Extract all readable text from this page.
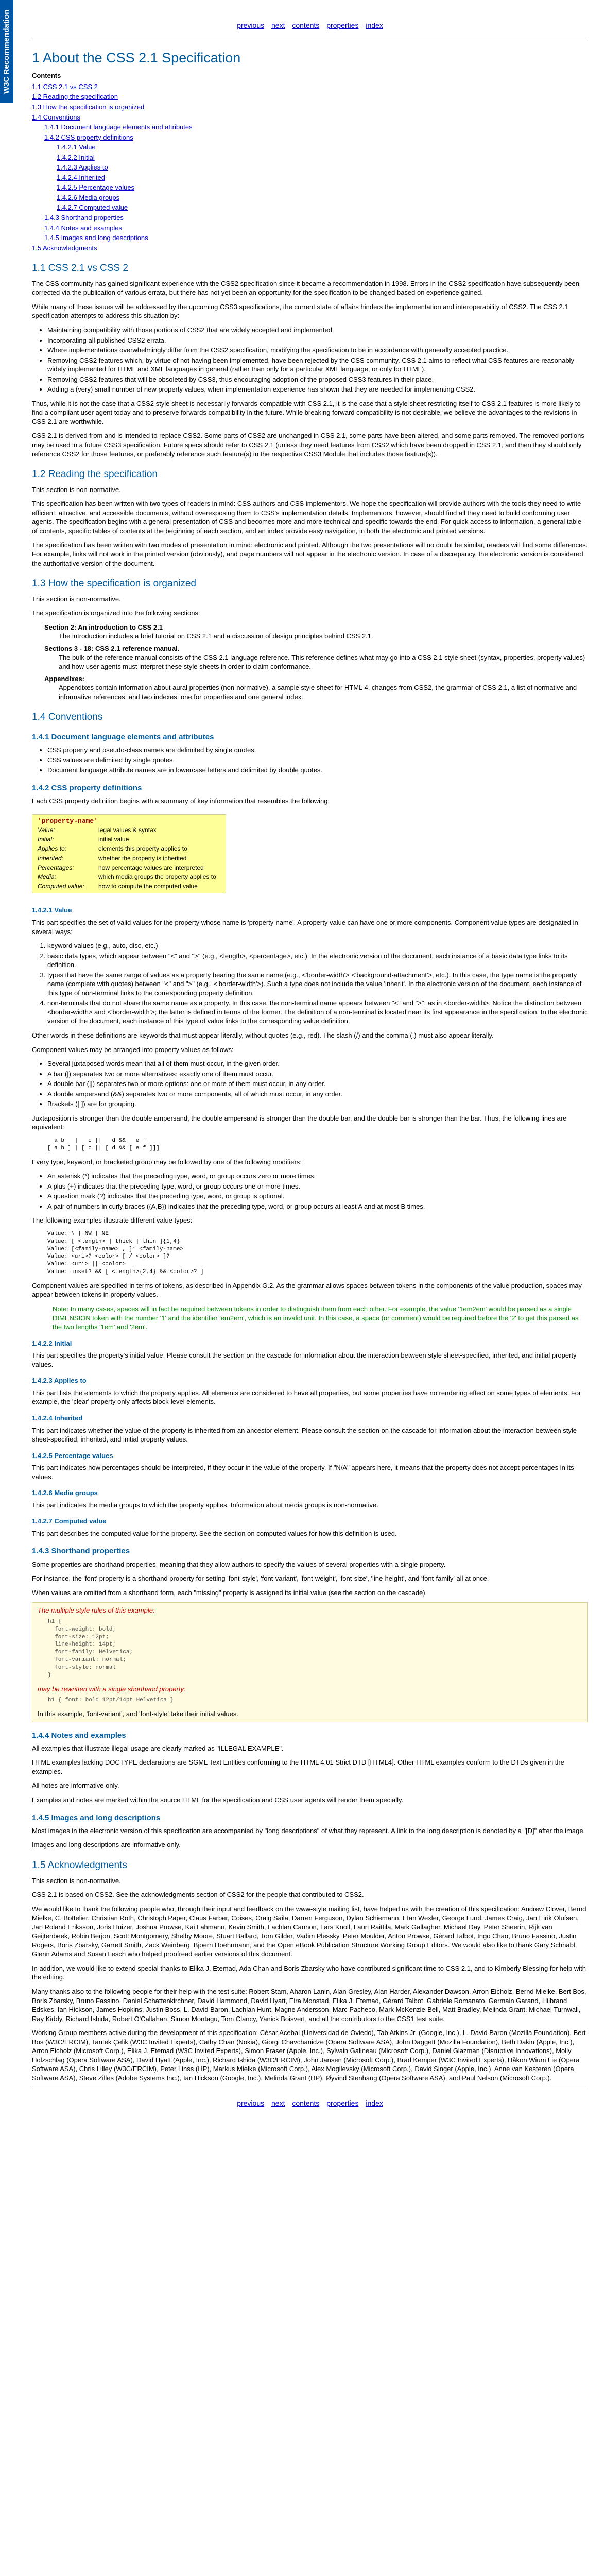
W3C Recommendation	previous next contents properties index
1 About the CSS 2.1 Specification
Contents
1.1 CSS 2.1 vs CSS 2
1.2 Reading the specification
1.3 How the specification is organized
1.4 Conventions
1.4.1 Document language elements and attributes
1.4.2 CSS property definitions
1.4.2.1 Value
1.4.2.2 Initial
1.4.2.3 Applies to
1.4.2.4 Inherited
1.4.2.5 Percentage values
1.4.2.6 Media groups
1.4.2.7 Computed value
1.4.3 Shorthand properties
1.4.4 Notes and examples
1.4.5 Images and long descriptions
1.5 Acknowledgments
1.1 CSS 2.1 vs CSS 2

The CSS community has gained significant experience with the CSS2 specification since it became a recommendation in 1998. Errors in the CSS2 specification have subsequently been corrected via the publication of various errata, but there has not yet been an opportunity for the specification to be changed based on experience gained.

While many of these issues will be addressed by the upcoming CSS3 specifications, the current state of affairs hinders the implementation and interoperability of CSS2. The CSS 2.1 specification attempts to address this situation by:

• Maintaining compatibility with those portions of CSS2 that are widely accepted and implemented.
• Incorporating all published CSS2 errata.
• Where implementations overwhelmingly differ from the CSS2 specification, modifying the specification to be in accordance with generally accepted practice.
• Removing CSS2 features which, by virtue of not having been implemented, have been rejected by the CSS community. CSS 2.1 aims to reflect what CSS features are reasonably widely implemented for HTML and XML languages in general (rather than only for a particular XML language, or only for HTML).
• Removing CSS2 features that will be obsoleted by CSS3, thus encouraging adoption of the proposed CSS3 features in their place.
• Adding a (very) small number of new property values, when implementation experience has shown that they are needed for implementing CSS2.

Thus, while it is not the case that a CSS2 style sheet is necessarily forwards-compatible with CSS 2.1, it is the case that a style sheet restricting itself to CSS 2.1 features is more likely to find a compliant user agent today and to preserve forwards compatibility in the future. While breaking forward compatibility is not desirable, we believe the advantages to the revisions in CSS 2.1 are worthwhile.

CSS 2.1 is derived from and is intended to replace CSS2. Some parts of CSS2 are unchanged in CSS 2.1, some parts have been altered, and some parts removed. The removed portions may be used in a future CSS3 specification. Future specs should refer to CSS 2.1 (unless they need features from CSS2 which have been dropped in CSS 2.1, and then they should only reference CSS2 for those features, or preferably reference such feature(s) in the respective CSS3 Module that includes those feature(s)).

1.2 Reading the specification

This section is non-normative.

This specification has been written with two types of readers in mind: CSS authors and CSS implementors. We hope the specification will provide authors with the tools they need to write efficient, attractive, and accessible documents, without overexposing them to CSS's implementation details. Implementors, however, should find all they need to build conforming user agents. The specification begins with a general presentation of CSS and becomes more and more technical and specific towards the end. For quick access to information, a general table of contents, specific tables of contents at the beginning of each section, and an index provide easy navigation, in both the electronic and printed versions.

The specification has been written with two modes of presentation in mind: electronic and printed. Although the two presentations will no doubt be similar, readers will find some differences. For example, links will not work in the printed version (obviously), and page numbers will not appear in the electronic version. In case of a discrepancy, the electronic version is considered the authoritative version of the document.

1.3 How the specification is organized

This section is non-normative.

The specification is organized into the following sections:

Section 2: An introduction to CSS 2.1
The introduction includes a brief tutorial on CSS 2.1 and a discussion of design principles behind CSS 2.1.
Sections 3 - 18: CSS 2.1 reference manual.
The bulk of the reference manual consists of the CSS 2.1 language reference. This reference defines what may go into a CSS 2.1 style sheet (syntax, properties, property values) and how user agents must interpret these style sheets in order to claim conformance.
Appendixes:
Appendixes contain information about aural properties (non-normative), a sample style sheet for HTML 4, changes from CSS2, the grammar of CSS 2.1, a list of normative and informative references, and two indexes: one for properties and one general index.
1.4 Conventions
1.4.1 Document language elements and attributes
• CSS property and pseudo-class names are delimited by single quotes.
• CSS values are delimited by single quotes.
• Document language attribute names are in lowercase letters and delimited by double quotes.
1.4.2 CSS property definitions

Each CSS property definition begins with a summary of key information that resembles the following:

'property-name'
Value:	legal values & syntax
Initial:	initial value
Applies to:	elements this property applies to
Inherited:	whether the property is inherited
Percentages:	how percentage values are interpreted
Media:	which media groups the property applies to
Computed value:	how to compute the computed value
1.4.2.1 Value

This part specifies the set of valid values for the property whose name is 'property-name'. A property value can have one or more components. Component value types are designated in several ways:

1. keyword values (e.g., auto, disc, etc.)
2. basic data types, which appear between "<" and ">" (e.g., <length>, <percentage>, etc.). In the electronic version of the document, each instance of a basic data type links to its definition.
3. types that have the same range of values as a property bearing the same name (e.g., <'border-width'> <'background-attachment'>, etc.). In this case, the type name is the property name (complete with quotes) between "<" and ">" (e.g., <'border-width'>). Such a type does not include the value 'inherit'. In the electronic version of the document, each instance of this type of non-terminal links to the corresponding property definition.
4. non-terminals that do not share the same name as a property. In this case, the non-terminal name appears between "<" and ">", as in <border-width>. Notice the distinction between <border-width> and <'border-width'>; the latter is defined in terms of the former. The definition of a non-terminal is located near its first appearance in the specification. In the electronic version of the document, each instance of this type of value links to the corresponding value definition.

Other words in these definitions are keywords that must appear literally, without quotes (e.g., red). The slash (/) and the comma (,) must also appear literally.

Component values may be arranged into property values as follows:

• Several juxtaposed words mean that all of them must occur, in the given order.
• A bar (|) separates two or more alternatives: exactly one of them must occur.
• A double bar (||) separates two or more options: one or more of them must occur, in any order.
• A double ampersand (&&) separates two or more components, all of which must occur, in any order.
• Brackets ([ ]) are for grouping.

Juxtaposition is stronger than the double ampersand, the double ampersand is stronger than the double bar, and the double bar is stronger than the bar. Thus, the following lines are equivalent:

a b   |   c ||   d &&   e f
[ a b ] | [ c || [ d && [ e f ]]]

Every type, keyword, or bracketed group may be followed by one of the following modifiers:

• An asterisk (*) indicates that the preceding type, word, or group occurs zero or more times.
• A plus (+) indicates that the preceding type, word, or group occurs one or more times.
• A question mark (?) indicates that the preceding type, word, or group is optional.
• A pair of numbers in curly braces ({A,B}) indicates that the preceding type, word, or group occurs at least A and at most B times.

The following examples illustrate different value types:

Value: N | NW | NE
Value: [ <length> | thick | thin ]{1,4}
Value: [<family-name> , ]* <family-name>
Value: <uri>? <color> [ / <color> ]?
Value: <uri> || <color>
Value: inset? && [ <length>{2,4} && <color>? ]

Component values are specified in terms of tokens, as described in Appendix G.2. As the grammar allows spaces between tokens in the components of the value production, spaces may appear between tokens in property values.

Note: In many cases, spaces will in fact be required between tokens in order to distinguish them from each other. For example, the value '1em2em' would be parsed as a single DIMENSION token with the number '1' and the identifier 'em2em', which is an invalid unit. In this case, a space (or comment) would be required before the '2' to get this parsed as the two lengths '1em' and '2em'.

1.4.2.2 Initial

This part specifies the property's initial value. Please consult the section on the cascade for information about the interaction between style sheet-specified, inherited, and initial property values.

1.4.2.3 Applies to

This part lists the elements to which the property applies. All elements are considered to have all properties, but some properties have no rendering effect on some types of elements. For example, the 'clear' property only affects block-level elements.

1.4.2.4 Inherited

This part indicates whether the value of the property is inherited from an ancestor element. Please consult the section on the cascade for information about the interaction between style sheet-specified, inherited, and initial property values.

1.4.2.5 Percentage values

This part indicates how percentages should be interpreted, if they occur in the value of the property. If "N/A" appears here, it means that the property does not accept percentages in its values.

1.4.2.6 Media groups

This part indicates the media groups to which the property applies. Information about media groups is non-normative.

1.4.2.7 Computed value

This part describes the computed value for the property. See the section on computed values for how this definition is used.

1.4.3 Shorthand properties

Some properties are shorthand properties, meaning that they allow authors to specify the values of several properties with a single property.

For instance, the 'font' property is a shorthand property for setting 'font-style', 'font-variant', 'font-weight', 'font-size', 'line-height', and 'font-family' all at once.

When values are omitted from a shorthand form, each "missing" property is assigned its initial value (see the section on the cascade).

The multiple style rules of this example:
h1 {
font-weight: bold;
font-size: 12pt;
line-height: 14pt;
font-family: Helvetica;
font-variant: normal;
font-style: normal
}
may be rewritten with a single shorthand property:
h1 { font: bold 12pt/14pt Helvetica }
In this example, 'font-variant', and 'font-style' take their initial values.
1.4.4 Notes and examples

All examples that illustrate illegal usage are clearly marked as "ILLEGAL EXAMPLE".

HTML examples lacking DOCTYPE declarations are SGML Text Entities conforming to the HTML 4.01 Strict DTD [HTML4]. Other HTML examples conform to the DTDs given in the examples.

All notes are informative only.

Examples and notes are marked within the source HTML for the specification and CSS user agents will render them specially.

1.4.5 Images and long descriptions

Most images in the electronic version of this specification are accompanied by "long descriptions" of what they represent. A link to the long description is denoted by a "[D]" after the image.

Images and long descriptions are informative only.

1.5 Acknowledgments

This section is non-normative.

CSS 2.1 is based on CSS2. See the acknowledgments section of CSS2 for the people that contributed to CSS2.

We would like to thank the following people who, through their input and feedback on the www-style mailing list, have helped us with the creation of this specification: Andrew Clover, Bernd Mielke, C. Bottelier, Christian Roth, Christoph Päper, Claus Färber, Coises, Craig Saila, Darren Ferguson, Dylan Schiemann, Etan Wexler, George Lund, James Craig, Jan Eirik Olufsen, Jan Roland Eriksson, Joris Huizer, Joshua Prowse, Kai Lahmann, Kevin Smith, Lachlan Cannon, Lars Knoll, Lauri Raittila, Mark Gallagher, Michael Day, Peter Sheerin, Rijk van Geijtenbeek, Robin Berjon, Scott Montgomery, Shelby Moore, Stuart Ballard, Tom Gilder, Vadim Plessky, Peter Moulder, Anton Prowse, Gérard Talbot, Ingo Chao, Bruno Fassino, Justin Rogers, Boris Zbarsky, Garrett Smith, Zack Weinberg, Bjoern Hoehrmann, and the Open eBook Publication Structure Working Group Editors. We would also like to thank Gary Schnabl, Glenn Adams and Susan Lesch who helped proofread earlier versions of this document.

In addition, we would like to extend special thanks to Elika J. Etemad, Ada Chan and Boris Zbarsky who have contributed significant time to CSS 2.1, and to Kimberly Blessing for help with the editing.

Many thanks also to the following people for their help with the test suite: Robert Stam, Aharon Lanin, Alan Gresley, Alan Harder, Alexander Dawson, Arron Eicholz, Bernd Mielke, Bert Bos, Boris Zbarsky, Bruno Fassino, Daniel Schattenkirchner, David Hammond, David Hyatt, Eira Monstad, Elika J. Etemad, Gérard Talbot, Gabriele Romanato, Germain Garand, Hilbrand Edskes, Ian Hickson, James Hopkins, Justin Boss, L. David Baron, Lachlan Hunt, Magne Andersson, Marc Pacheco, Mark McKenzie-Bell, Matt Bradley, Melinda Grant, Michael Turnwall, Ray Kiddy, Richard Ishida, Robert O'Callahan, Simon Montagu, Tom Clancy, Yanick Boisvert, and all the contributors to the CSS1 test suite.

Working Group members active during the development of this specification: César Acebal (Universidad de Oviedo), Tab Atkins Jr. (Google, Inc.), L. David Baron (Mozilla Foundation), Bert Bos (W3C/ERCIM), Tantek Çelik (W3C Invited Experts), Cathy Chan (Nokia), Giorgi Chavchanidze (Opera Software ASA), John Daggett (Mozilla Foundation), Beth Dakin (Apple, Inc.), Arron Eicholz (Microsoft Corp.), Elika J. Etemad (W3C Invited Experts), Simon Fraser (Apple, Inc.), Sylvain Galineau (Microsoft Corp.), Daniel Glazman (Disruptive Innovations), Molly Holzschlag (Opera Software ASA), David Hyatt (Apple, Inc.), Richard Ishida (W3C/ERCIM), John Jansen (Microsoft Corp.), Brad Kemper (W3C Invited Experts), Håkon Wium Lie (Opera Software ASA), Chris Lilley (W3C/ERCIM), Peter Linss (HP), Markus Mielke (Microsoft Corp.), Alex Mogilevsky (Microsoft Corp.), David Singer (Apple, Inc.), Anne van Kesteren (Opera Software ASA), Steve Zilles (Adobe Systems Inc.), Ian Hickson (Google, Inc.), Melinda Grant (HP), Øyvind Stenhaug (Opera Software ASA), and Paul Nelson (Microsoft Corp.).

previous next contents properties index
